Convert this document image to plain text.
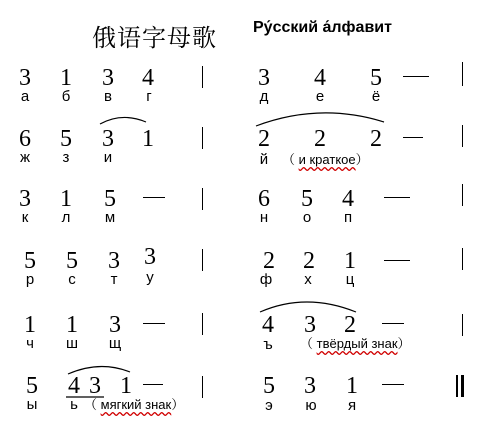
俄语字母歌 Ру́сский а́лфавит
3 1 3 4
а б в г
3 4 5
д	е	ё
6 5 3 1
ж з и
2 2 2
й （ и краткое）
3 1 5
к л м
6 5 4
н о п
5 5 3 3
р с т у
2 2 1
ф х ц
1 1 3
ч ш щ
4 3 2
ъ （ твёрдый знак）
5 4 3 1
ы ь （ мягкий знак）
5 3 1
э ю я
